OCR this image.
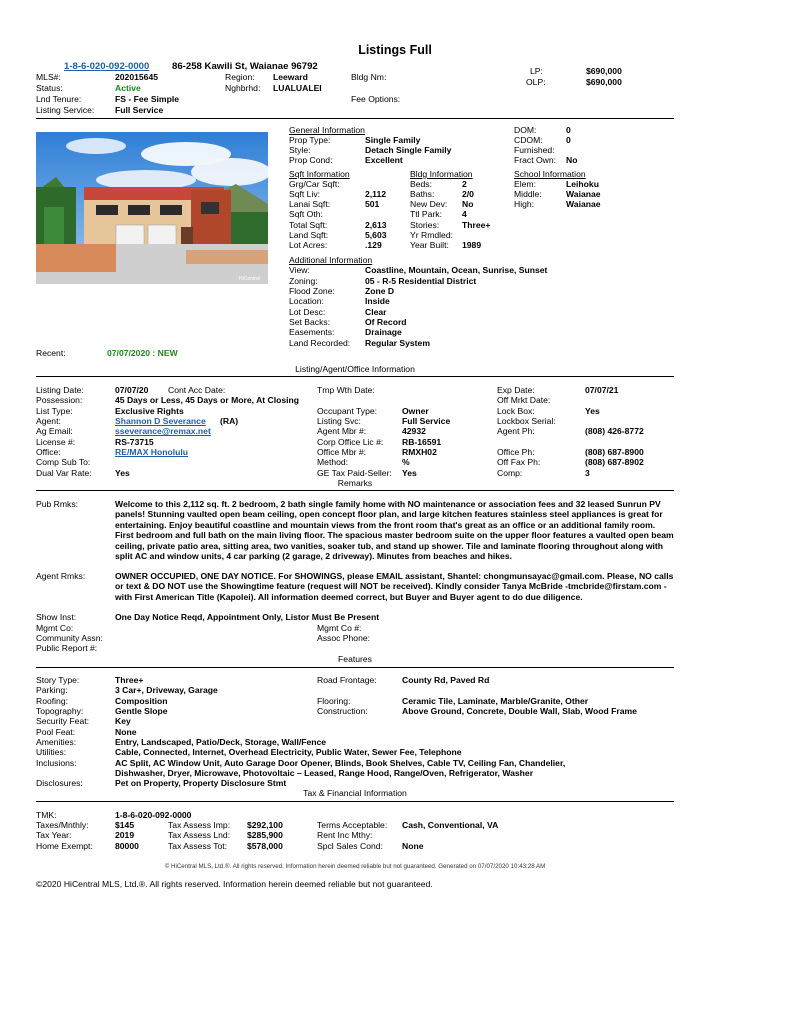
Listings Full
1-8-6-020-092-0000 86-258 Kawili St, Waianae 96792
MLS#:	202015645
Status:	Active
Lnd Tenure:	FS - Fee Simple
Listing Service: Full Service
Region: Leeward
Nghbrhd: LUALUALEI
Bldg Nm:
Fee Options:
LP:	$690,000
OLP:	$690,000
HiCentral
General Information
Prop Type:	Single Family
Style:	Detach Single Family
Prop Cond:	Excellent
DOM:	0
CDOM:	0
Furnished:
Fract Own: No
Sqft Information
Grg/Car Sqft:
Sqft Liv:	2,112
Lanai Sqft:	501
Sqft Oth:
Total Sqft:	2,613
Land Sqft:	5,603
Lot Acres:	.129
Bldg Information
Beds:	2
Baths:	2/0
New Dev: No
Ttl Park: 4
Stories:	Three+
Yr Rmdled:
Year Built: 1989
School Information
Elem:	Leihoku
Middle:	Waianae
High:	Waianae
Additional Information
View:	Coastline, Mountain, Ocean, Sunrise, Sunset
Zoning:	05 - R-5 Residential District
Flood Zone:	Zone D
Location:	Inside
Lot Desc:	Clear
Set Backs:	Of Record
Easements:	Drainage
Land Recorded: Regular System
Recent:	07/07/2020 : NEW
Listing/Agent/Office Information
Listing Date:	07/07/20 Cont Acc Date:
Possession:	45 Days or Less, 45 Days or More, At Closing
List Type:	Exclusive Rights
Agent:	Shannon D Severance (RA)
Ag Email:	sseverance@remax.net
License #:	RS-73715
Office:	RE/MAX Honolulu
Comp Sub To:
Dual Var Rate:	Yes
Tmp Wth Date:
Occupant Type:	Owner
Listing Svc:	Full Service
Agent Mbr #:	42932
Corp Office Lic #: RB-16591
Office Mbr #:	RMXH02
Method:	%
GE Tax Paid-Seller: Yes
Exp Date:	07/07/21
Off Mrkt Date:
Lock Box:	Yes
Lockbox Serial:
Agent Ph:	(808) 426-8772
Office Ph:	(808) 687-8900
Off Fax Ph:	(808) 687-8902
Comp:	3
Remarks
Pub Rmks:	Welcome to this 2,112 sq. ft. 2 bedroom, 2 bath single family home with NO maintenance or association fees and 32 leased Sunrun PV panels! Stunning vaulted open beam ceiling, open concept floor plan, and large kitchen features stainless steel appliances is great for entertaining. Enjoy beautiful coastline and mountain views from the front room that's great as an office or an additional family room. First bedroom and full bath on the main living floor. The spacious master bedroom suite on the upper floor features a vaulted open beam ceiling, private patio area, sitting area, two vanities, soaker tub, and stand up shower. Tile and laminate flooring throughout along with split AC and window units, 4 car parking (2 garage, 2 driveway). Minutes from beaches and hikes.
Agent Rmks:	OWNER OCCUPIED, ONE DAY NOTICE. For SHOWINGS, please EMAIL assistant, Shantel: chongmunsayac@gmail.com. Please, NO calls or text & DO NOT use the Showingtime feature (request will NOT be received). Kindly consider Tanya McBride -tmcbride@firstam.com - with First American Title (Kapolei). All information deemed correct, but Buyer and Buyer agent to do due diligence.
Show Inst:	One Day Notice Reqd, Appointment Only, Listor Must Be Present
Mgmt Co:	Mgmt Co #:
Community Assn:	Assoc Phone:
Public Report #:
Features
Story Type:	Three+
Parking:	3 Car+, Driveway, Garage
Roofing:	Composition
Topography:	Gentle Slope
Security Feat:	Key
Pool Feat:	None
Amenities:	Entry, Landscaped, Patio/Deck, Storage, Wall/Fence
Utilities:	Cable, Connected, Internet, Overhead Electricity, Public Water, Sewer Fee, Telephone
Inclusions:	AC Split, AC Window Unit, Auto Garage Door Opener, Blinds, Book Shelves, Cable TV, Ceiling Fan, Chandelier,
Dishwasher, Dryer, Microwave, Photovoltaic – Leased, Range Hood, Range/Oven, Refrigerator, Washer
Disclosures:	Pet on Property, Property Disclosure Stmt
Road Frontage:	County Rd, Paved Rd
Flooring:	Ceramic Tile, Laminate, Marble/Granite, Other
Construction:	Above Ground, Concrete, Double Wall, Slab, Wood Frame
Tax & Financial Information
TMK:	1-8-6-020-092-0000
Taxes/Mnthly:	$145
Tax Year:	2019
Home Exempt:	80000
Tax Assess Imp: $292,100
Tax Assess Lnd: $285,900
Tax Assess Tot: $578,000
Terms Acceptable: Cash, Conventional, VA
Rent Inc Mthy:
Spcl Sales Cond: None
© HiCentral MLS, Ltd.®. All rights reserved. Information herein deemed reliable but not guaranteed. Generated on 07/07/2020 10:43:28 AM
©2020 HiCentral MLS, Ltd.®. All rights reserved. Information herein deemed reliable but not guaranteed.
